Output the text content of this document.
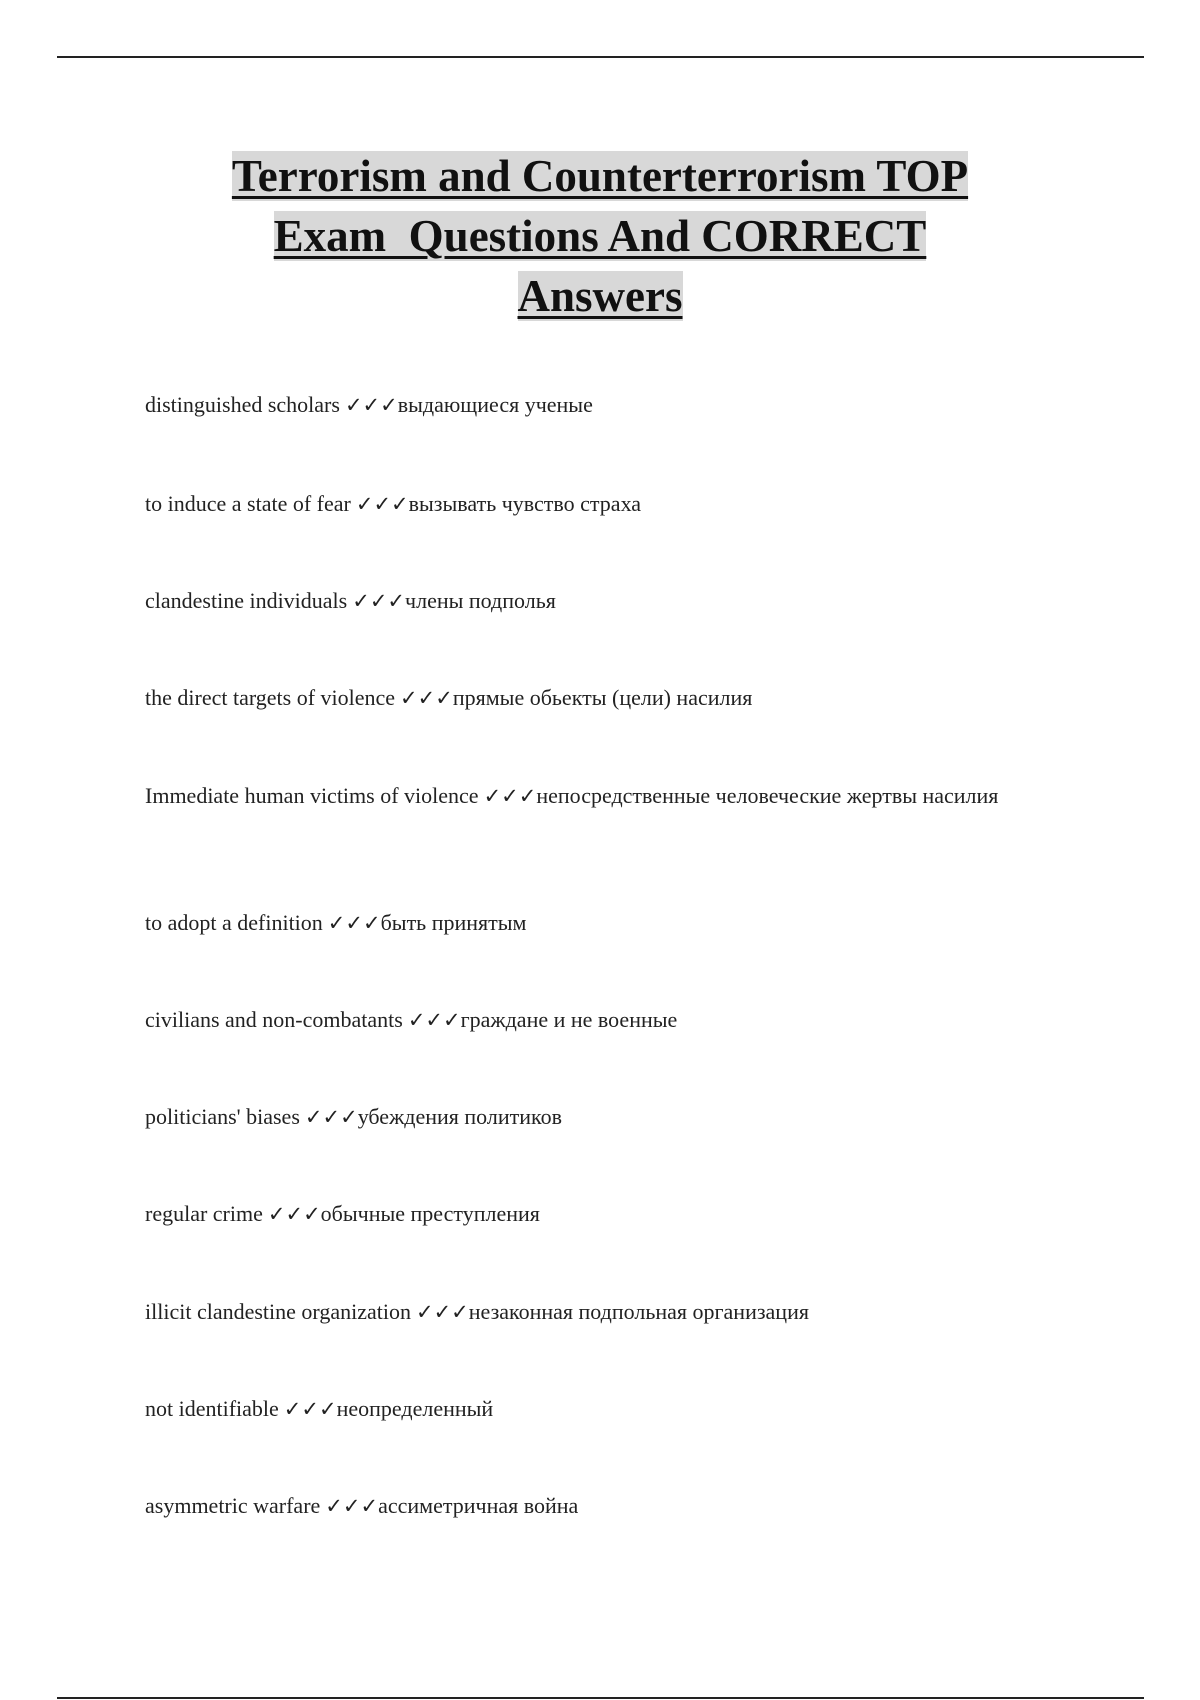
Terrorism and Counterterrorism TOP
Exam  Questions And CORRECT
Answers
distinguished scholars ✓✓✓выдающиеся ученые
to induce a state of fear ✓✓✓вызывать чувство страха
clandestine individuals ✓✓✓члены подполья
the direct targets of violence ✓✓✓прямые обьекты (цели) насилия
Immediate human victims of violence ✓✓✓непосредственные человеческие жертвы насилия
to adopt a definition ✓✓✓быть принятым
civilians and non-combatants ✓✓✓граждане и не военные
politicians' biases ✓✓✓убеждения политиков
regular crime ✓✓✓обычные преступления
illicit clandestine organization ✓✓✓незаконная подпольная организация
not identifiable ✓✓✓неопределенный
asymmetric warfare ✓✓✓ассиметричная война
